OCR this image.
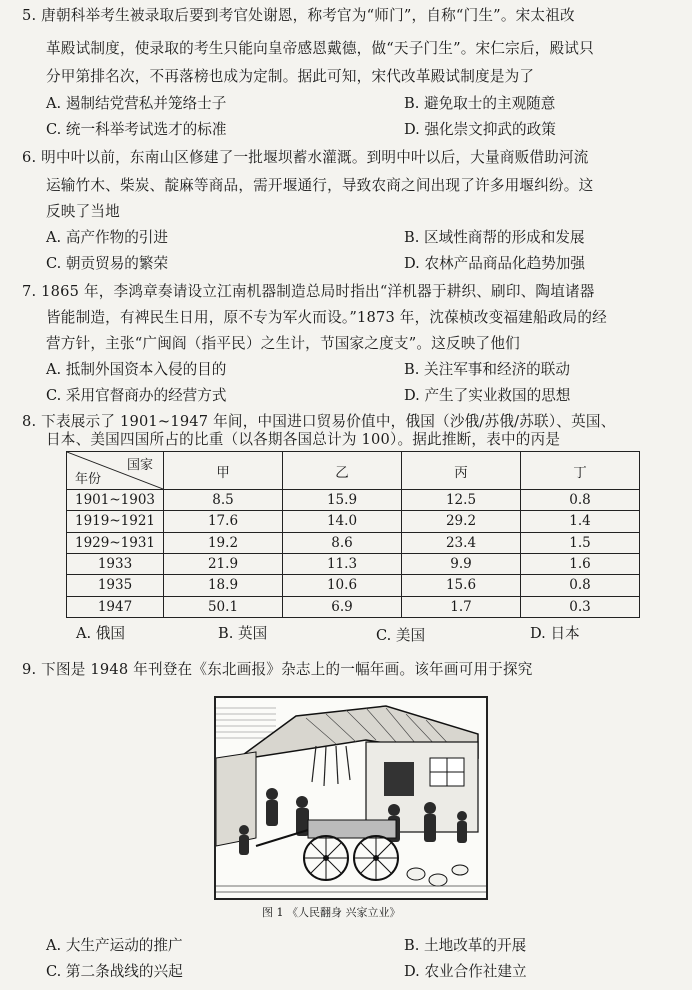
5. 唐朝科举考生被录取后要到考官处谢恩，称考官为“师门”，自称“门生”。宋太祖改
革殿试制度，使录取的考生只能向皇帝感恩戴德，做“天子门生”。宋仁宗后，殿试只
分甲第排名次，不再落榜也成为定制。据此可知，宋代改革殿试制度是为了
A. 遏制结党营私并笼络士子	B. 避免取士的主观随意
C. 统一科举考试选才的标准	D. 强化崇文抑武的政策
6. 明中叶以前，东南山区修建了一批堰坝蓄水灌溉。到明中叶以后，大量商贩借助河流
运输竹木、柴炭、靛麻等商品，需开堰通行，导致农商之间出现了许多用堰纠纷。这
反映了当地
A. 高产作物的引进	B. 区域性商帮的形成和发展
C. 朝贡贸易的繁荣	D. 农林产品商品化趋势加强
7. 1865 年，李鸿章奏请设立江南机器制造总局时指出“洋机器于耕织、刷印、陶埴诸器
皆能制造，有裨民生日用，原不专为军火而设。”1873 年，沈葆桢改变福建船政局的经
营方针，主张“广闽阎（指平民）之生计，节国家之度支”。这反映了他们
A. 抵制外国资本入侵的目的	B. 关注军事和经济的联动
C. 采用官督商办的经营方式	D. 产生了实业救国的思想
8. 下表展示了 1901~1947 年间，中国进口贸易价值中，俄国（沙俄/苏俄/苏联）、英国、
日本、美国四国所占的比重（以各期各国总计为 100）。据此推断，表中的丙是
国家
年份	甲	乙	丙	丁
1901~1903	8.5	15.9	12.5	0.8
1919~1921	17.6	14.0	29.2	1.4
1929~1931	19.2	8.6	23.4	1.5
1933	21.9	11.3	9.9	1.6
1935	18.9	10.6	15.6	0.8
1947	50.1	6.9	1.7	0.3
A. 俄国	B. 英国	C. 美国	D. 日本
9. 下图是 1948 年刊登在《东北画报》杂志上的一幅年画。该年画可用于探究
图 1 《人民翻身 兴家立业》
A. 大生产运动的推广	B. 土地改革的开展
C. 第二条战线的兴起	D. 农业合作社建立
